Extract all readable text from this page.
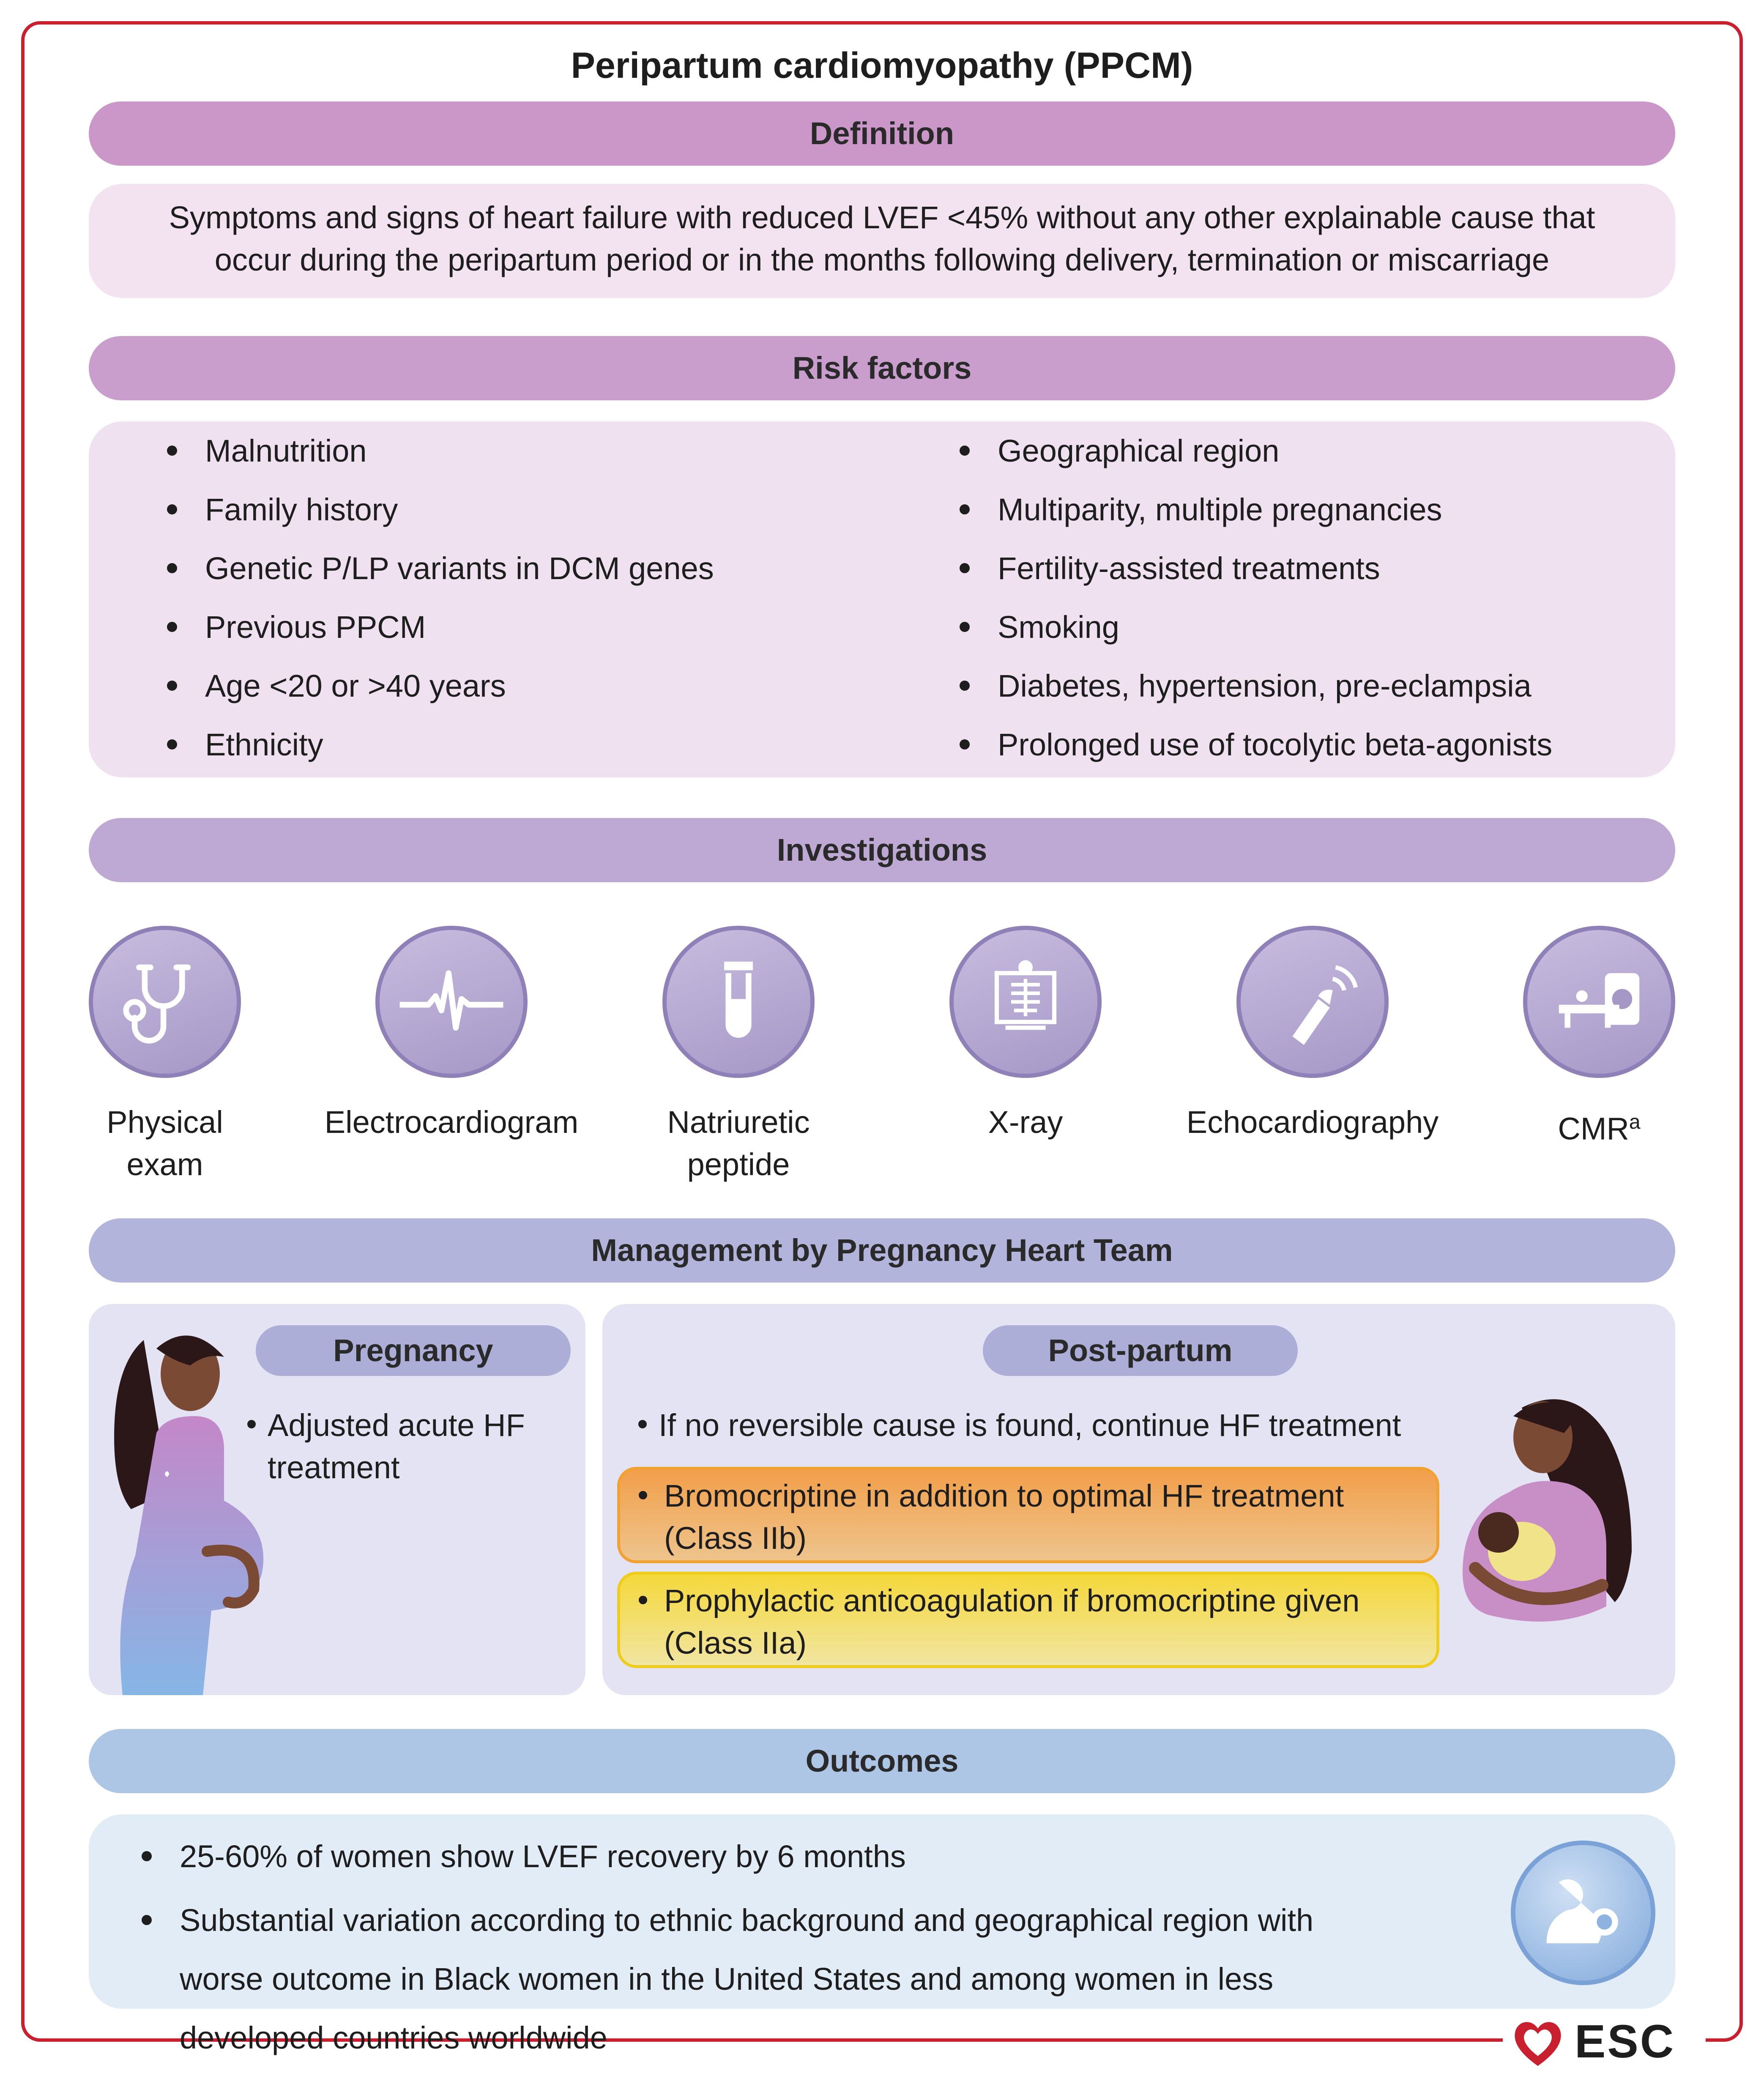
Peripartum cardiomyopathy (PPCM)
Definition
Symptoms and signs of heart failure with reduced LVEF <45% without any other explainable cause that
occur during the peripartum period or in the months following delivery, termination or miscarriage
Risk factors
Malnutrition
Family history
Genetic P/LP variants in DCM genes
Previous PPCM
Age <20 or >40 years
Ethnicity
Geographical region
Multiparity, multiple pregnancies
Fertility-assisted treatments
Smoking
Diabetes, hypertension, pre-eclampsia
Prolonged use of tocolytic beta-agonists
Investigations
Physical
exam
Electrocardiogram	Natriuretic
peptide
X-ray	Echocardiography	CMR$^a$
Management by Pregnancy Heart Team
Pregnancy
Adjusted acute HF
treatment
Post-partum
If no reversible cause is found, continue HF treatment
Bromocriptine in addition to optimal HF treatment
(Class IIb)
Prophylactic anticoagulation if bromocriptine given
(Class IIa)
Outcomes
25-60% of women show LVEF recovery by 6 months
Substantial variation according to ethnic background and geographical region with
worse outcome in Black women in the United States and among women in less
developed countries worldwide	ESC
